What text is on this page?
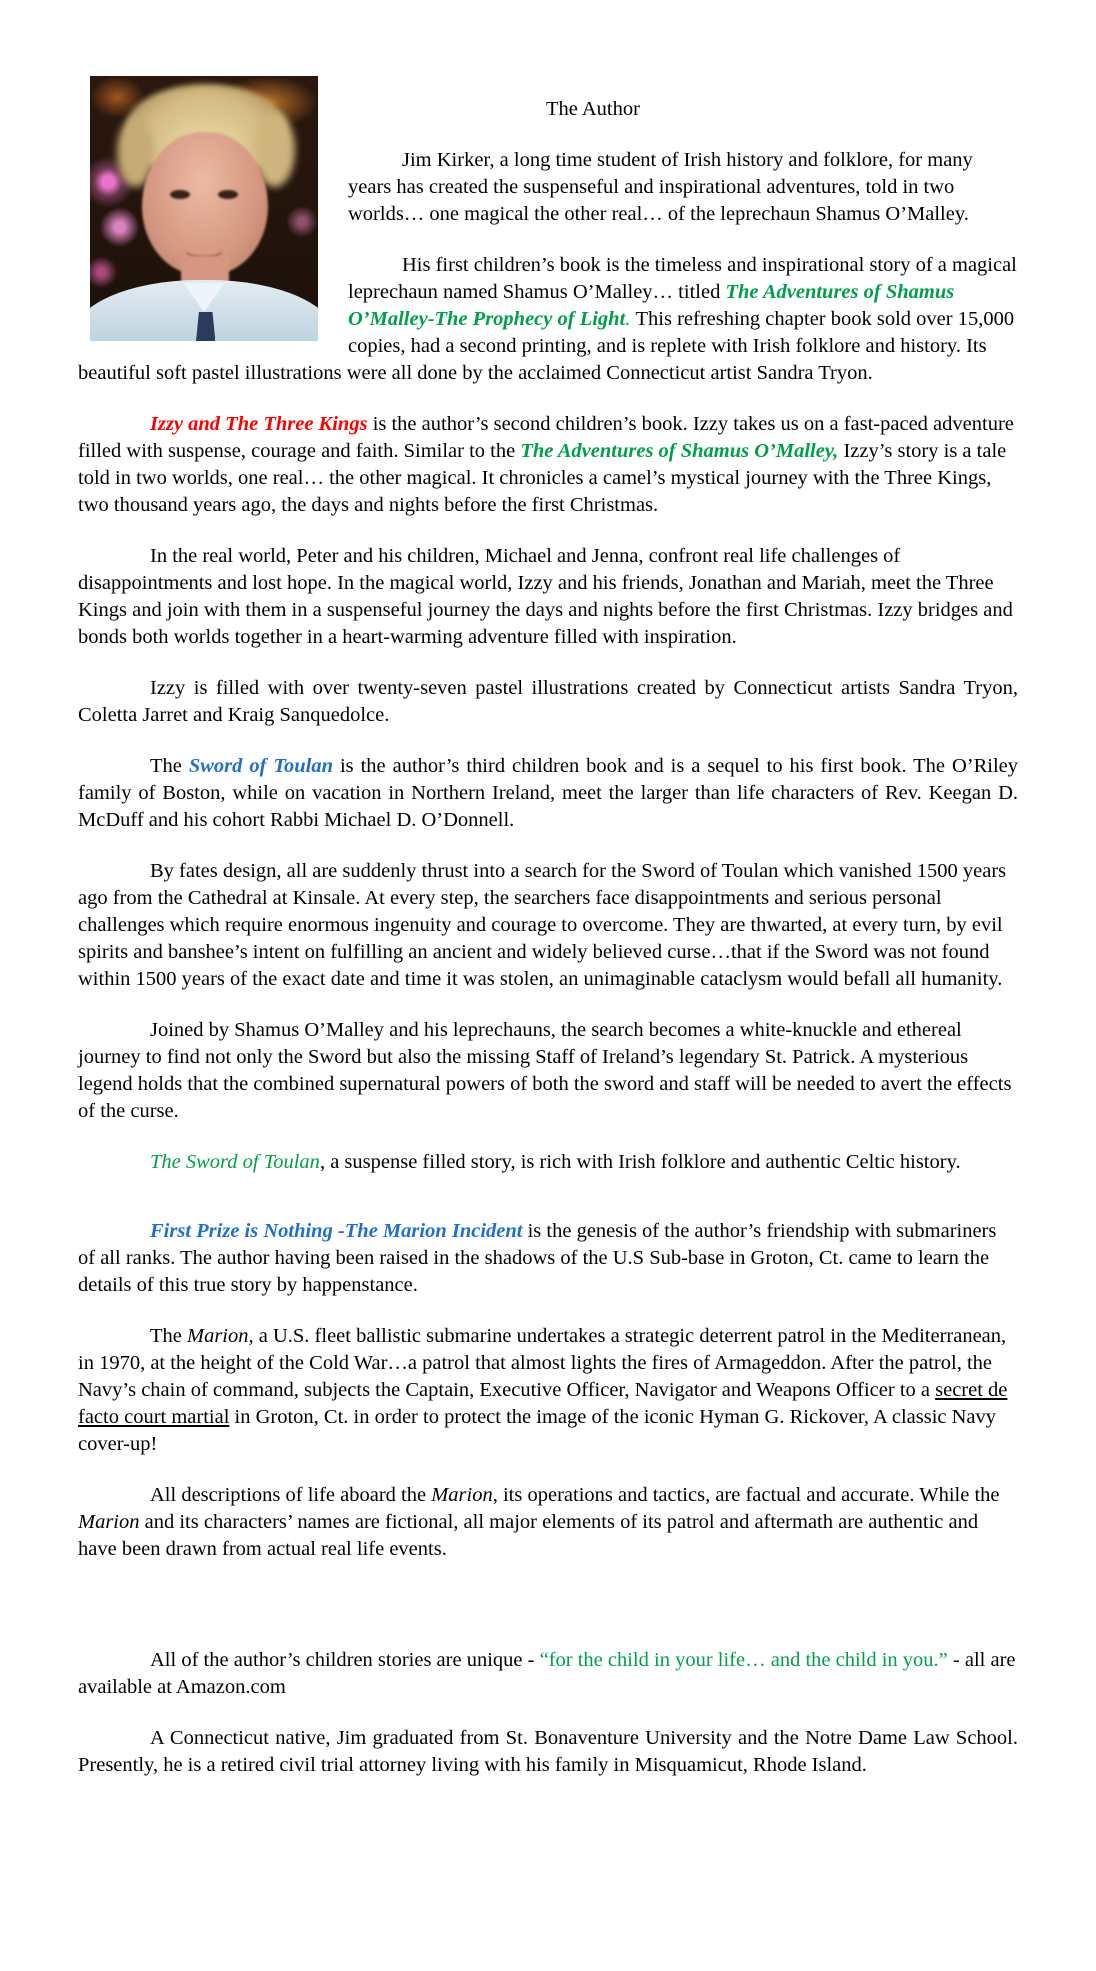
The Author

Jim Kirker, a long time student of Irish history and folklore, for many years has created the suspenseful and inspirational adventures, told in two worlds… one magical the other real… of the leprechaun Shamus O’Malley.

His first children’s book is the timeless and inspirational story of a magical leprechaun named Shamus O’Malley… titled The Adventures of Shamus O’Malley-The Prophecy of Light. This refreshing chapter book sold over 15,000 copies, had a second printing, and is replete with Irish folklore and history. Its beautiful soft pastel illustrations were all done by the acclaimed Connecticut artist Sandra Tryon.

Izzy and The Three Kings is the author’s second children’s book. Izzy takes us on a fast-paced adventure filled with suspense, courage and faith. Similar to the The Adventures of Shamus O’Malley, Izzy’s story is a tale told in two worlds, one real… the other magical. It chronicles a camel’s mystical journey with the Three Kings, two thousand years ago, the days and nights before the first Christmas.

In the real world, Peter and his children, Michael and Jenna, confront real life challenges of disappointments and lost hope. In the magical world, Izzy and his friends, Jonathan and Mariah, meet the Three Kings and join with them in a suspenseful journey the days and nights before the first Christmas. Izzy bridges and bonds both worlds together in a heart-warming adventure filled with inspiration.

Izzy is filled with over twenty-seven pastel illustrations created by Connecticut artists Sandra Tryon, Coletta Jarret and Kraig Sanquedolce.

The Sword of Toulan is the author’s third children book and is a sequel to his first book. The O’Riley family of Boston, while on vacation in Northern Ireland, meet the larger than life characters of Rev. Keegan D. McDuff and his cohort Rabbi Michael D. O’Donnell.

By fates design, all are suddenly thrust into a search for the Sword of Toulan which vanished 1500 years ago from the Cathedral at Kinsale. At every step, the searchers face disappointments and serious personal challenges which require enormous ingenuity and courage to overcome. They are thwarted, at every turn, by evil spirits and banshee’s intent on fulfilling an ancient and widely believed curse…that if the Sword was not found within 1500 years of the exact date and time it was stolen, an unimaginable cataclysm would befall all humanity.

Joined by Shamus O’Malley and his leprechauns, the search becomes a white-knuckle and ethereal journey to find not only the Sword but also the missing Staff of Ireland’s legendary St. Patrick. A mysterious legend holds that the combined supernatural powers of both the sword and staff will be needed to avert the effects of the curse.

The Sword of Toulan, a suspense filled story, is rich with Irish folklore and authentic Celtic history.

First Prize is Nothing -The Marion Incident is the genesis of the author’s friendship with submariners of all ranks. The author having been raised in the shadows of the U.S Sub-base in Groton, Ct. came to learn the details of this true story by happenstance.

The Marion, a U.S. fleet ballistic submarine undertakes a strategic deterrent patrol in the Mediterranean, in 1970, at the height of the Cold War…a patrol that almost lights the fires of Armageddon. After the patrol, the Navy’s chain of command, subjects the Captain, Executive Officer, Navigator and Weapons Officer to a secret de facto court martial in Groton, Ct. in order to protect the image of the iconic Hyman G. Rickover, A classic Navy cover-up!

All descriptions of life aboard the Marion, its operations and tactics, are factual and accurate. While the Marion and its characters’ names are fictional, all major elements of its patrol and aftermath are authentic and have been drawn from actual real life events.

All of the author’s children stories are unique - “for the child in your life… and the child in you.” - all are available at Amazon.com

A Connecticut native, Jim graduated from St. Bonaventure University and the Notre Dame Law School. Presently, he is a retired civil trial attorney living with his family in Misquamicut, Rhode Island.
